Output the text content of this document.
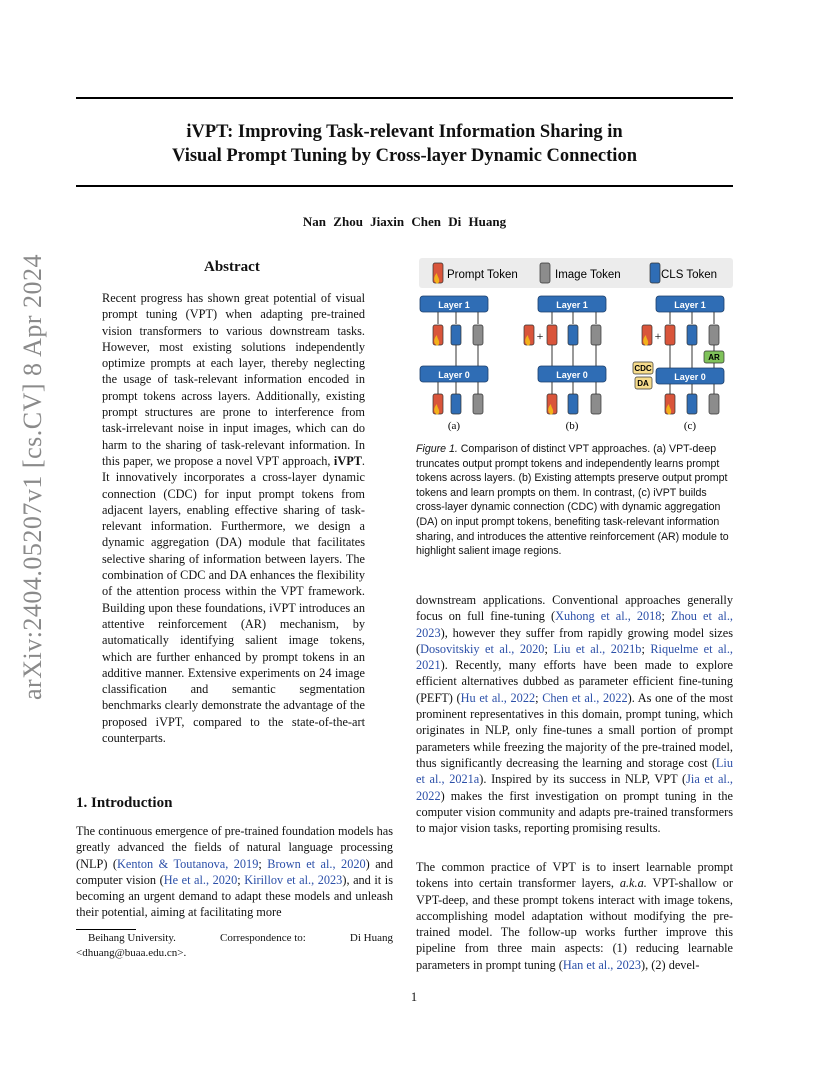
iVPT: Improving Task-relevant Information Sharing in
Visual Prompt Tuning by Cross-layer Dynamic Connection
Nan Zhou Jiaxin Chen Di Huang
arXiv:2404.05207v1 [cs.CV] 8 Apr 2024	Abstract
Recent progress has shown great potential of visual prompt tuning (VPT) when adapting pre-trained vision transformers to various downstream tasks. However, most existing solutions independently optimize prompts at each layer, thereby neglecting the usage of task-relevant information encoded in prompt tokens across layers. Additionally, existing prompt structures are prone to interference from task-irrelevant noise in input images, which can do harm to the sharing of task-relevant information. In this paper, we propose a novel VPT approach, iVPT. It innovatively incorporates a cross-layer dynamic connection (CDC) for input prompt tokens from adjacent layers, enabling effective sharing of task-relevant information. Furthermore, we design a dynamic aggregation (DA) module that facilitates selective sharing of information between layers. The combination of CDC and DA enhances the flexibility of the attention process within the VPT framework. Building upon these foundations, iVPT introduces an attentive reinforcement (AR) mechanism, by automatically identifying salient image tokens, which are further enhanced by prompt tokens in an additive manner. Extensive experiments on 24 image classification and semantic segmentation benchmarks clearly demonstrate the advantage of the proposed iVPT, compared to the state-of-the-art counterparts.
1. Introduction
The continuous emergence of pre-trained foundation models has greatly advanced the fields of natural language processing (NLP) (Kenton & Toutanova, 2019; Brown et al., 2020) and computer vision (He et al., 2020; Kirillov et al., 2023), and it is becoming an urgent demand to adapt these models and unleash their potential, aiming at facilitating more
Beihang University.	Correspondence to:	Di Huang
<dhuang@buaa.edu.cn>.
1
Prompt Token	Image Token	CLS Token
Layer 1
Layer 0
(a)
Layer 1
+
Layer 0
(b)
Layer 1
+
AR
CDC
DA
Layer 0
(c)
Figure 1. Comparison of distinct VPT approaches. (a) VPT-deep truncates output prompt tokens and independently learns prompt tokens across layers. (b) Existing attempts preserve output prompt tokens and learn prompts on them. In contrast, (c) iVPT builds cross-layer dynamic connection (CDC) with dynamic aggregation (DA) on input prompt tokens, benefiting task-relevant information sharing, and introduces the attentive reinforcement (AR) module to highlight salient image regions.
downstream applications. Conventional approaches generally focus on full fine-tuning (Xuhong et al., 2018; Zhou et al., 2023), however they suffer from rapidly growing model sizes (Dosovitskiy et al., 2020; Liu et al., 2021b; Riquelme et al., 2021). Recently, many efforts have been made to explore efficient alternatives dubbed as parameter efficient fine-tuning (PEFT) (Hu et al., 2022; Chen et al., 2022). As one of the most prominent representatives in this domain, prompt tuning, which originates in NLP, only fine-tunes a small portion of prompt parameters while freezing the majority of the pre-trained model, thus significantly decreasing the learning and storage cost (Liu et al., 2021a). Inspired by its success in NLP, VPT (Jia et al., 2022) makes the first investigation on prompt tuning in the computer vision community and adapts pre-trained transformers to major vision tasks, reporting promising results.
The common practice of VPT is to insert learnable prompt tokens into certain transformer layers, a.k.a. VPT-shallow or VPT-deep, and these prompt tokens interact with image tokens, accomplishing model adaptation without modifying the pre-trained model. The follow-up works further improve this pipeline from three main aspects: (1) reducing learnable parameters in prompt tuning (Han et al., 2023), (2) devel-
